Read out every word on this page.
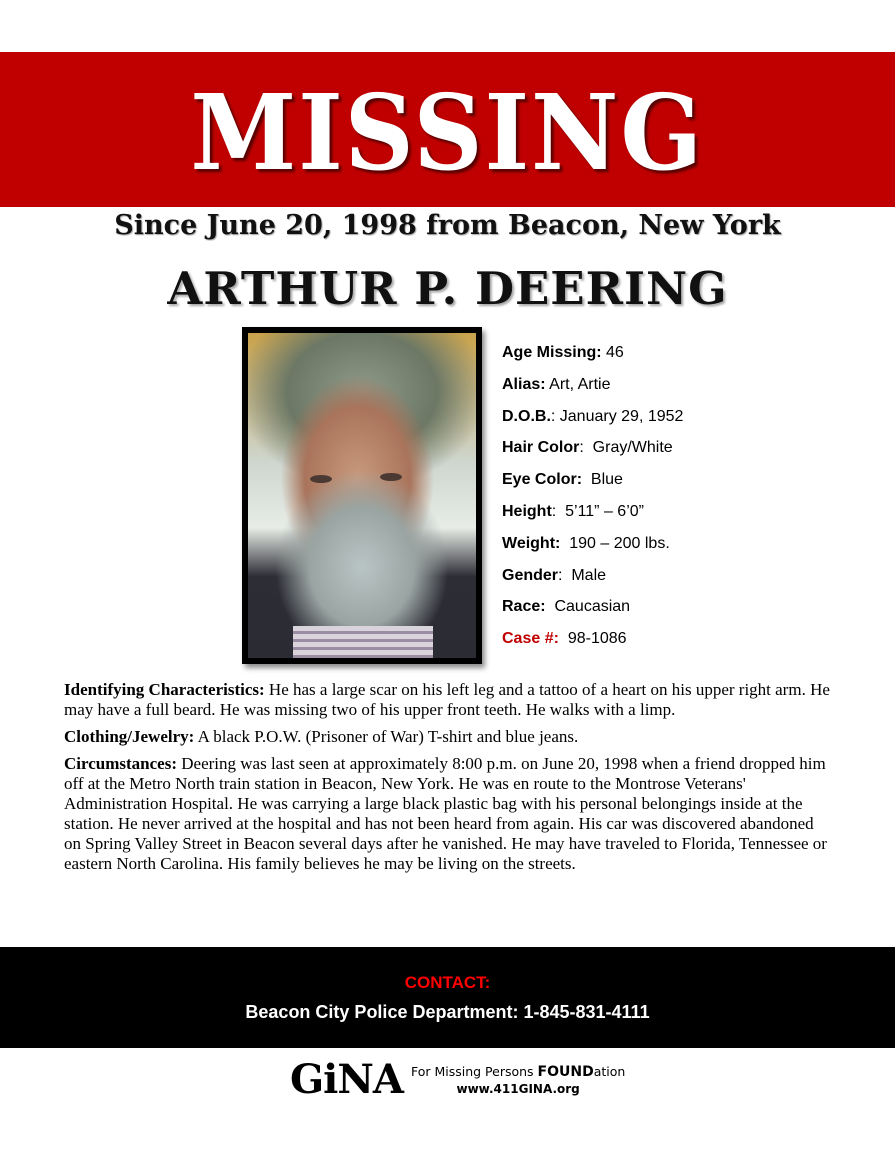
MISSING
Since June 20, 1998 from Beacon, New York
ARTHUR P. DEERING
Age Missing: 46
Alias: Art, Artie
D.O.B.: January 29, 1952
Hair Color:  Gray/White
Eye Color:  Blue
Height:  5’11” – 6’0”
Weight:  190 – 200 lbs.
Gender:  Male
Race:  Caucasian
Case #:  98-1086

Identifying Characteristics: He has a large scar on his left leg and a tattoo of a heart on his upper right arm. He may have a full beard. He was missing two of his upper front teeth. He walks with a limp.

Clothing/Jewelry: A black P.O.W. (Prisoner of War) T-shirt and blue jeans.

Circumstances: Deering was last seen at approximately 8:00 p.m. on June 20, 1998 when a friend dropped him off at the Metro North train station in Beacon, New York. He was en route to the Montrose Veterans' Administration Hospital. He was carrying a large black plastic bag with his personal belongings inside at the station. He never arrived at the hospital and has not been heard from again. His car was discovered abandoned on Spring Valley Street in Beacon several days after he vanished. He may have traveled to Florida, Tennessee or eastern North Carolina. His family believes he may be living on the streets.

CONTACT:
Beacon City Police Department: 1-845-831-4111
GiNA For Missing Persons FOUNDation
www.411GINA.org
